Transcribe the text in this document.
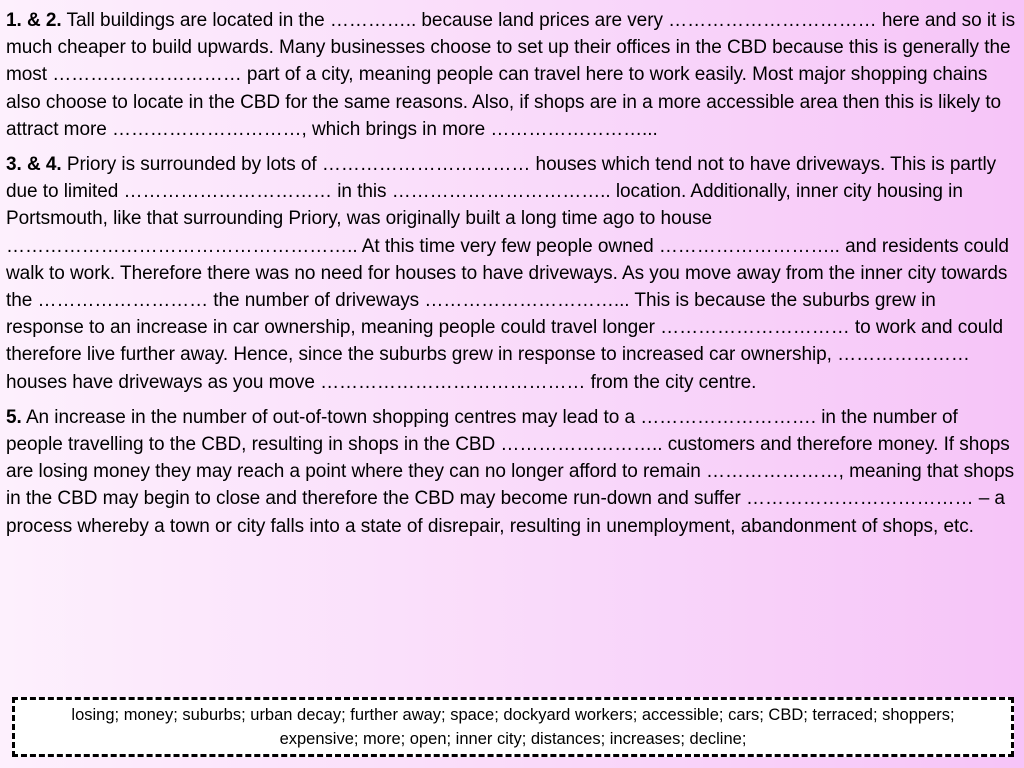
1. & 2. Tall buildings are located in the ………….. because land prices are very …………………………… here and so it is much cheaper to build upwards. Many businesses choose to set up their offices in the CBD because this is generally the most ………………………… part of a city, meaning people can travel here to work easily. Most major shopping chains also choose to locate in the CBD for the same reasons. Also, if shops are in a more accessible area then this is likely to attract more …………………………, which brings in more ……………………...

3. & 4. Priory is surrounded by lots of …………………………… houses which tend not to have driveways. This is partly due to limited …………………………… in this …………………………….. location. Additionally, inner city housing in Portsmouth, like that surrounding Priory, was originally built a long time ago to house ……………………………………………….. At this time very few people owned ……………………….. and residents could walk to work. Therefore there was no need for houses to have driveways. As you move away from the inner city towards the ……………………… the number of driveways …………………………... This is because the suburbs grew in response to an increase in car ownership, meaning people could travel longer ………………………… to work and could therefore live further away. Hence, since the suburbs grew in response to increased car ownership, ………………… houses have driveways as you move …………………………………… from the city centre.

5. An increase in the number of out-of-town shopping centres may lead to a ………………………. in the number of people travelling to the CBD, resulting in shops in the CBD …………………….. customers and therefore money. If shops are losing money they may reach a point where they can no longer afford to remain …………………, meaning that shops in the CBD may begin to close and therefore the CBD may become run-down and suffer ……………………………… – a process whereby a town or city falls into a state of disrepair, resulting in unemployment, abandonment of shops, etc.

losing; money; suburbs; urban decay; further away; space; dockyard workers; accessible; cars; CBD; terraced; shoppers; expensive; more; open; inner city; distances; increases; decline;
